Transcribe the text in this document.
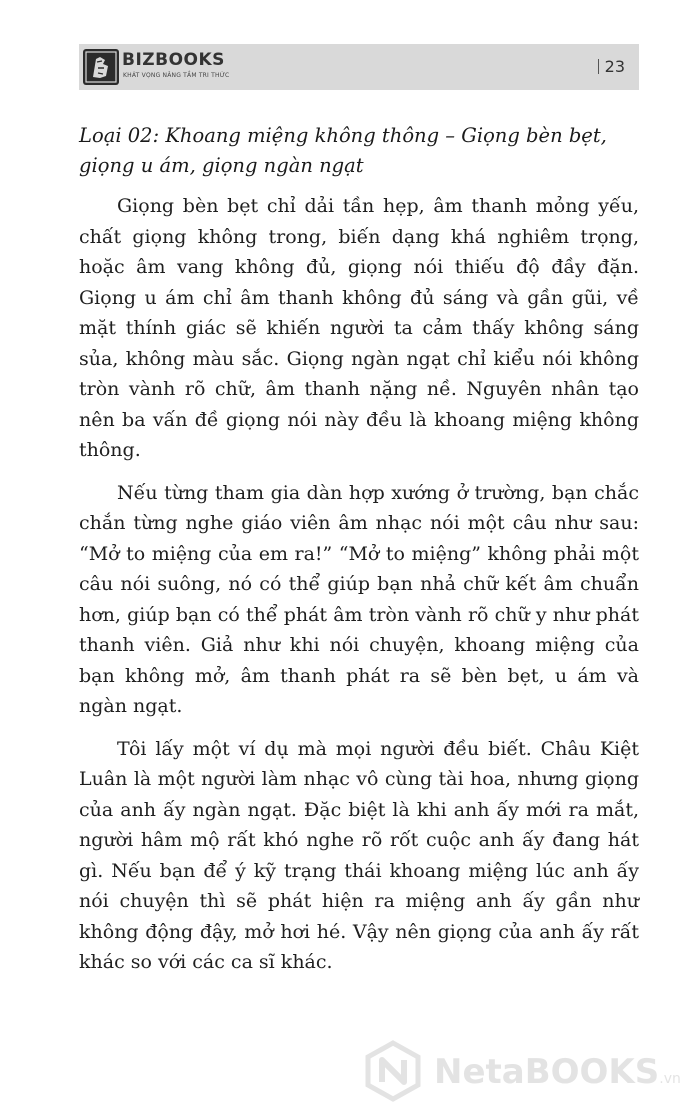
BIZBOOKS
KHÁT VỌNG NÂNG TẦM TRI THỨC	23
Loại 02: Khoang miệng không thông – Giọng bèn bẹt, giọng u ám, giọng ngàn ngạt

Giọng bèn bẹt chỉ dải tần hẹp, âm thanh mỏng yếu, chất giọng không trong, biến dạng khá nghiêm trọng, hoặc âm vang không đủ, giọng nói thiếu độ đầy đặn. Giọng u ám chỉ âm thanh không đủ sáng và gần gũi, về mặt thính giác sẽ khiến người ta cảm thấy không sáng sủa, không màu sắc. Giọng ngàn ngạt chỉ kiểu nói không tròn vành rõ chữ, âm thanh nặng nề. Nguyên nhân tạo nên ba vấn đề giọng nói này đều là khoang miệng không thông.

Nếu từng tham gia dàn hợp xướng ở trường, bạn chắc chắn từng nghe giáo viên âm nhạc nói một câu như sau: “Mở to miệng của em ra!” “Mở to miệng” không phải một câu nói suông, nó có thể giúp bạn nhả chữ kết âm chuẩn hơn, giúp bạn có thể phát âm tròn vành rõ chữ y như phát thanh viên. Giả như khi nói chuyện, khoang miệng của bạn không mở, âm thanh phát ra sẽ bèn bẹt, u ám và ngàn ngạt.

Tôi lấy một ví dụ mà mọi người đều biết. Châu Kiệt Luân là một người làm nhạc vô cùng tài hoa, nhưng giọng của anh ấy ngàn ngạt. Đặc biệt là khi anh ấy mới ra mắt, người hâm mộ rất khó nghe rõ rốt cuộc anh ấy đang hát gì. Nếu bạn để ý kỹ trạng thái khoang miệng lúc anh ấy nói chuyện thì sẽ phát hiện ra miệng anh ấy gần như không động đậy, mở hơi hé. Vậy nên giọng của anh ấy rất khác so với các ca sĩ khác.

NetaBOOKS.vn
